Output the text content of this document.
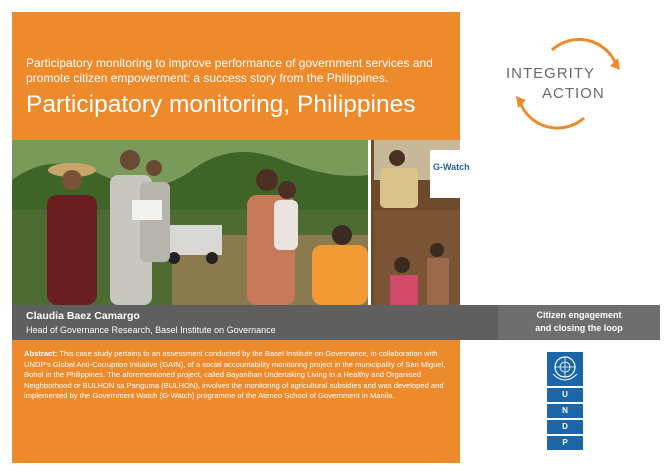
Participatory monitoring to improve performance of government services and promote citizen empowerment: a success story from the Philippines.
Participatory monitoring, Philippines
G-Watch
Claudia Baez Camargo
Head of Governance Research, Basel Institute on Governance
Citizen engagement
and closing the loop
Abstract: This case study pertains to an assessment conducted by the Basel Institute on Governance, in collaboration with UNDP's Global Anti-Corruption Initiative (GAIN), of a social accountability monitoring project in the municipality of San Miguel, Bohol in the Philippines. The aforementioned project, called Bayanihan Undertaking Living in a Healthy and Organised Neighborhood or BULHON sa Panguma (BULHON), involves the monitoring of agricultural subsidies and was developed and implemented by the Government Watch (G-Watch) programme of the Ateneo School of Government in Manila.
INTEGRITY
ACTION
U
N
D
P
